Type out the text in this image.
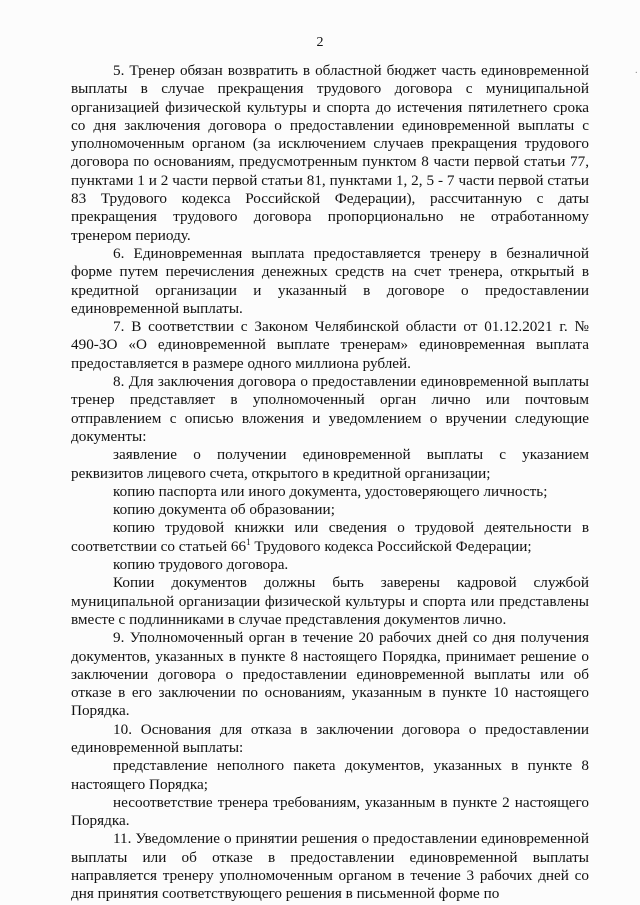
2
·

5. Тренер обязан возвратить в областной бюджет часть единовременной выплаты в случае прекращения трудового договора с муниципальной организацией физической культуры и спорта до истечения пятилетнего срока со дня заключения договора о предоставлении единовременной выплаты с уполномоченным органом (за исключением случаев прекращения трудового договора по основаниям, предусмотренным пунктом 8 части первой статьи 77, пунктами 1 и 2 части первой статьи 81, пунктами 1, 2, 5 - 7 части первой статьи 83 Трудового кодекса Российской Федерации), рассчитанную с даты прекращения трудового договора пропорционально не отработанному тренером периоду.

6. Единовременная выплата предоставляется тренеру в безналичной форме путем перечисления денежных средств на счет тренера, открытый в кредитной организации и указанный в договоре о предоставлении единовременной выплаты.

7. В соответствии с Законом Челябинской области от 01.12.2021 г. № 490-ЗО «О единовременной выплате тренерам» единовременная выплата предоставляется в размере одного миллиона рублей.

8. Для заключения договора о предоставлении единовременной выплаты тренер представляет в уполномоченный орган лично или почтовым отправлением с описью вложения и уведомлением о вручении следующие документы:

заявление о получении единовременной выплаты с указанием реквизитов лицевого счета, открытого в кредитной организации;

копию паспорта или иного документа, удостоверяющего личность;

копию документа об образовании;

копию трудовой книжки или сведения о трудовой деятельности в соответствии со статьей $66^1$ Трудового кодекса Российской Федерации;

копию трудового договора.

Копии документов должны быть заверены кадровой службой муниципальной организации физической культуры и спорта или представлены вместе с подлинниками в случае представления документов лично.

9. Уполномоченный орган в течение 20 рабочих дней со дня получения документов, указанных в пункте 8 настоящего Порядка, принимает решение о заключении договора о предоставлении единовременной выплаты или об отказе в его заключении по основаниям, указанным в пункте 10 настоящего Порядка.

10. Основания для отказа в заключении договора о предоставлении единовременной выплаты:

представление неполного пакета документов, указанных в пункте 8 настоящего Порядка;

несоответствие тренера требованиям, указанным в пункте 2 настоящего Порядка.

11. Уведомление о принятии решения о предоставлении единовременной выплаты или об отказе в предоставлении единовременной выплаты направляется тренеру уполномоченным органом в течение 3 рабочих дней со дня принятия соответствующего решения в письменной форме по
